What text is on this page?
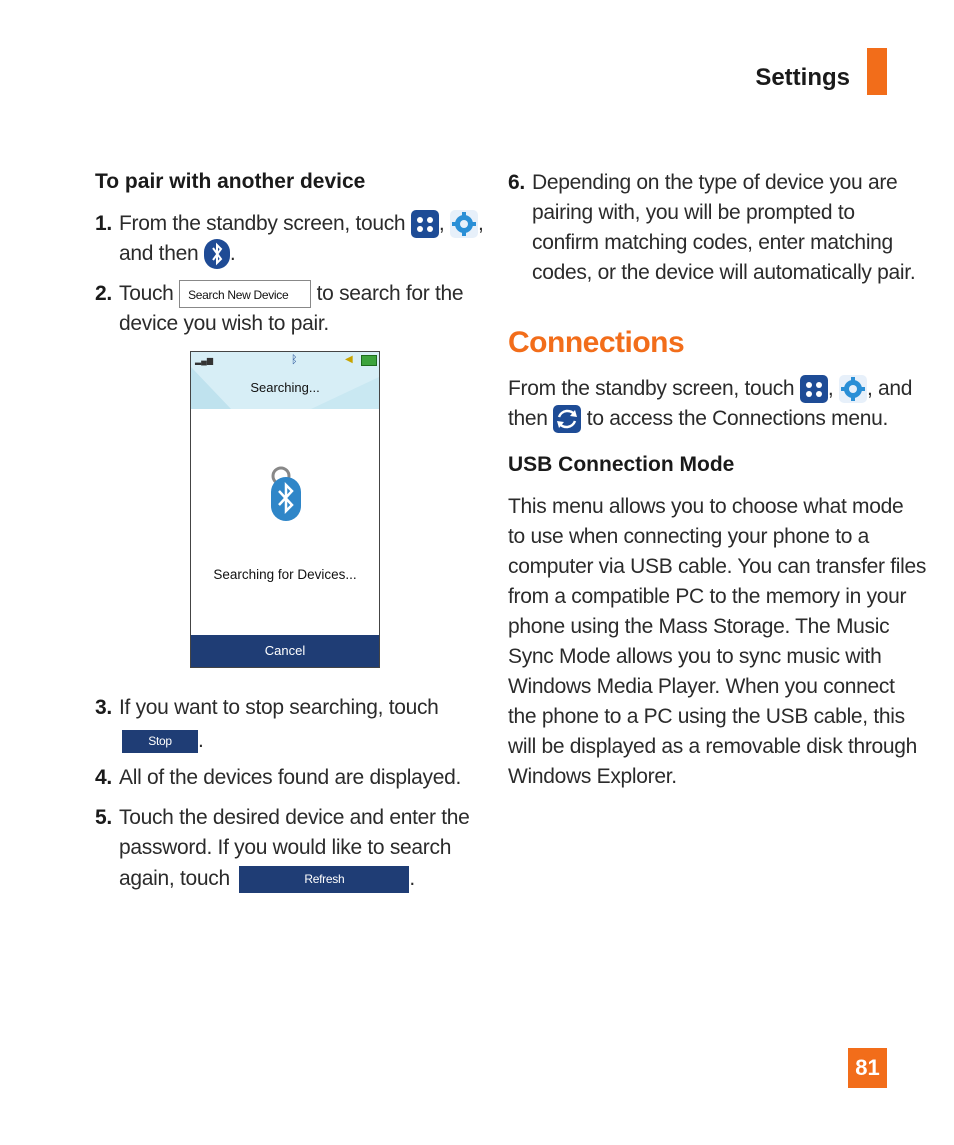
Settings
To pair with another device
1. From the standby screen, touch , ,
and then .
2. Touch Search New Device to search for the
device you wish to pair.
▂▄▆	ᛒ	◀
Searching...
Searching for Devices...
Cancel
3. If you want to stop searching, touch
Stop .
4. All of the devices found are displayed.
5. Touch the desired device and enter the
password. If you would like to search
again, touch	Refresh	.
6. Depending on the type of device you are
pairing with, you will be prompted to
confirm matching codes, enter matching
codes, or the device will automatically pair.
Connections
From the standby screen, touch , , and
then to access the Connections menu.
USB Connection Mode
This menu allows you to choose what mode
to use when connecting your phone to a
computer via USB cable. You can transfer files
from a compatible PC to the memory in your
phone using the Mass Storage. The Music
Sync Mode allows you to sync music with
Windows Media Player. When you connect
the phone to a PC using the USB cable, this
will be displayed as a removable disk through
Windows Explorer.
81
